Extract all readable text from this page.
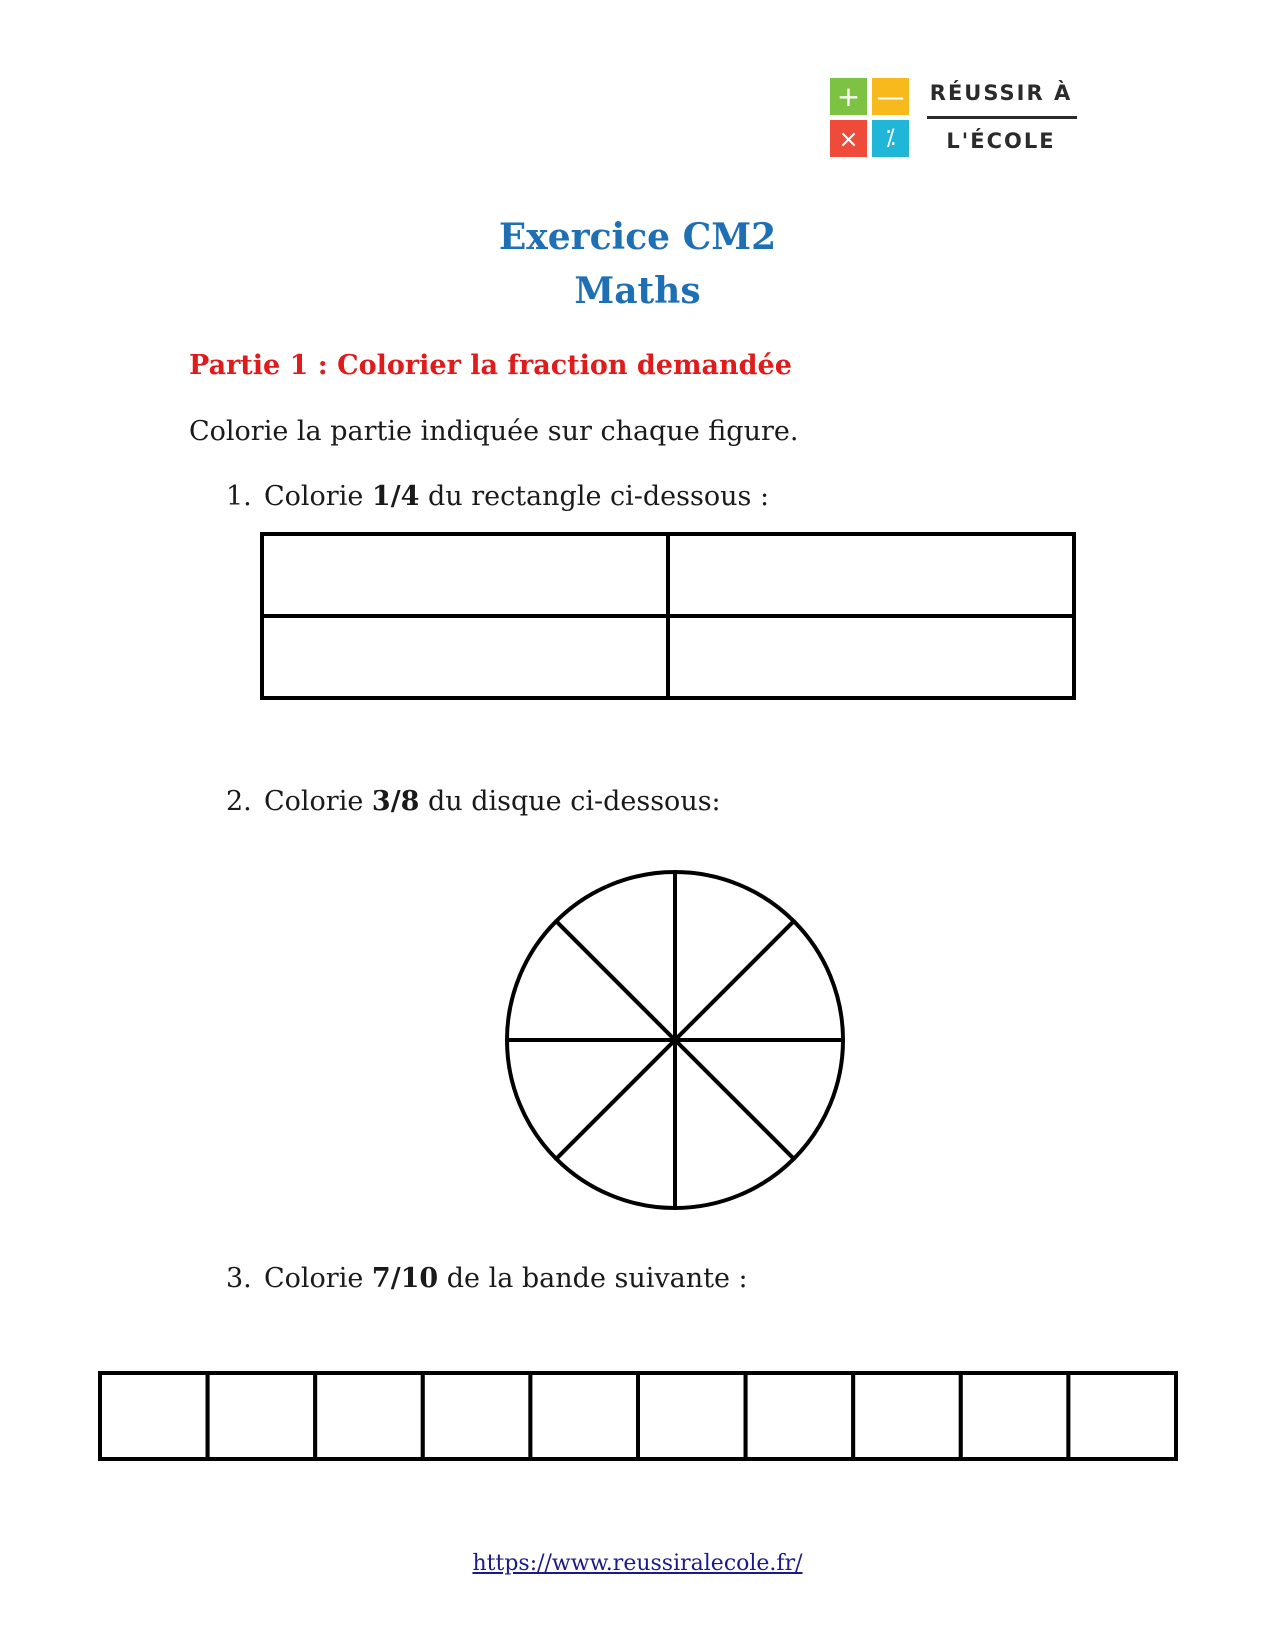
+ —
×	⁒
RÉUSSIR À
L'ÉCOLE
Exercice CM2
Maths
Partie 1 : Colorier la fraction demandée
Colorie la partie indiquée sur chaque figure.
1. Colorie 1/4 du rectangle ci-dessous :
2. Colorie 3/8 du disque ci-dessous:
3. Colorie 7/10 de la bande suivante :
https://www.reussiralecole.fr/
